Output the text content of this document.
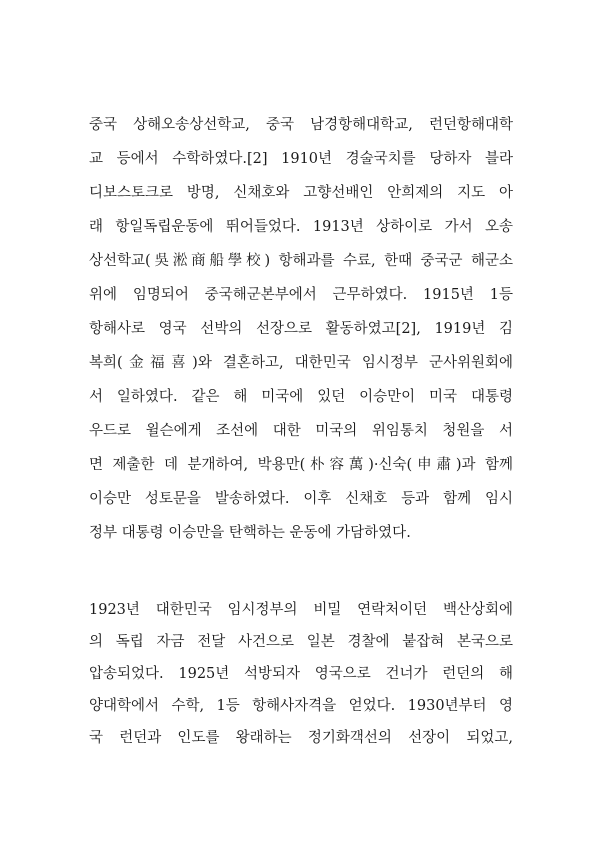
중국 상해오송상선학교, 중국 남경항해대학교, 런던항해대학
교 등에서 수학하였다.[2] 1910년 경술국치를 당하자 블라
디보스토크로 방명, 신채호와 고향선배인 안희제의 지도 아
래 항일독립운동에 뛰어들었다. 1913년 상하이로 가서 오송
상선학교(吳淞商船學校) 항해과를 수료, 한때 중국군 해군소
위에 임명되어 중국해군본부에서 근무하였다. 1915년 1등
항해사로 영국 선박의 선장으로 활동하였고[2], 1919년 김
복희(金福喜)와 결혼하고, 대한민국 임시정부 군사위원회에
서 일하였다. 같은 해 미국에 있던 이승만이 미국 대통령
우드로 윌슨에게 조선에 대한 미국의 위임통치 청원을 서
면 제출한 데 분개하여, 박용만(朴容萬)·신숙(申肅)과 함께
이승만 성토문을 발송하였다. 이후 신채호 등과 함께 임시
정부 대통령 이승만을 탄핵하는 운동에 가담하였다.
1923년 대한민국 임시정부의 비밀 연락처이던 백산상회에
의 독립 자금 전달 사건으로 일본 경찰에 붙잡혀 본국으로
압송되었다. 1925년 석방되자 영국으로 건너가 런던의 해
양대학에서 수학, 1등 항해사자격을 얻었다. 1930년부터 영
국 런던과 인도를 왕래하는 정기화객선의 선장이 되었고,
